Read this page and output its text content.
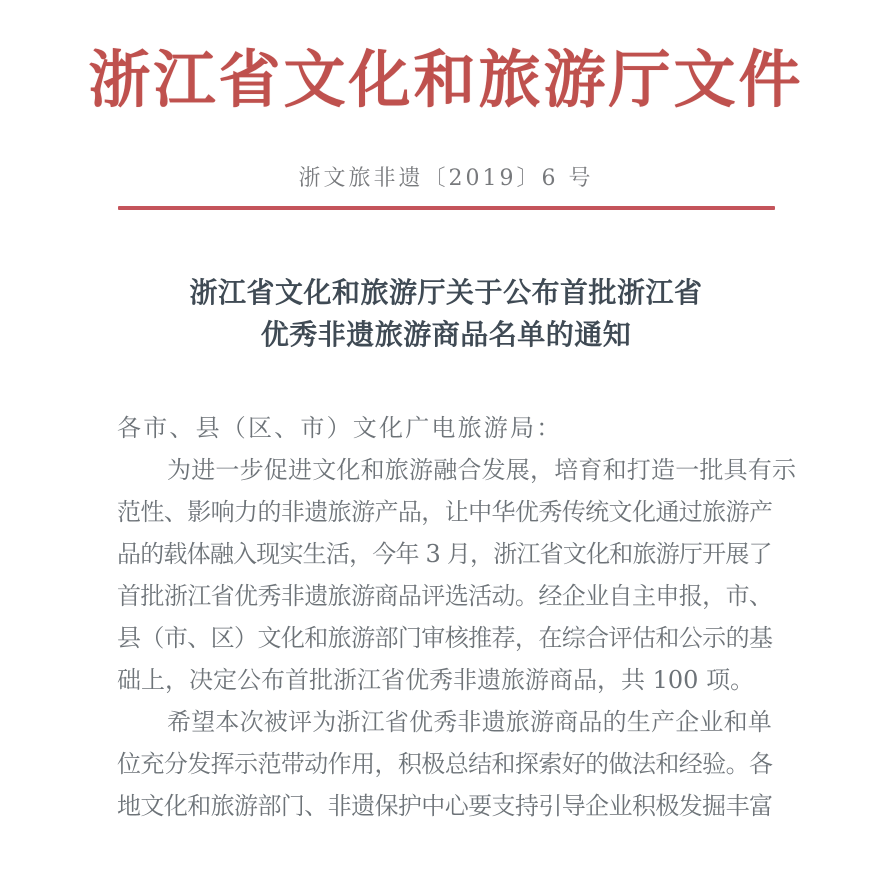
浙江省文化和旅游厅文件
浙文旅非遗〔2019〕6 号
浙江省文化和旅游厅关于公布首批浙江省
优秀非遗旅游商品名单的通知

各市、县（区、市）文化广电旅游局：

为进一步促进文化和旅游融合发展，培育和打造一批具有示
范性、影响力的非遗旅游产品，让中华优秀传统文化通过旅游产
品的载体融入现实生活，今年 3 月，浙江省文化和旅游厅开展了
首批浙江省优秀非遗旅游商品评选活动。经企业自主申报，市、
县（市、区）文化和旅游部门审核推荐，在综合评估和公示的基
础上，决定公布首批浙江省优秀非遗旅游商品，共 100 项。

希望本次被评为浙江省优秀非遗旅游商品的生产企业和单
位充分发挥示范带动作用，积极总结和探索好的做法和经验。各
地文化和旅游部门、非遗保护中心要支持引导企业积极发掘丰富
